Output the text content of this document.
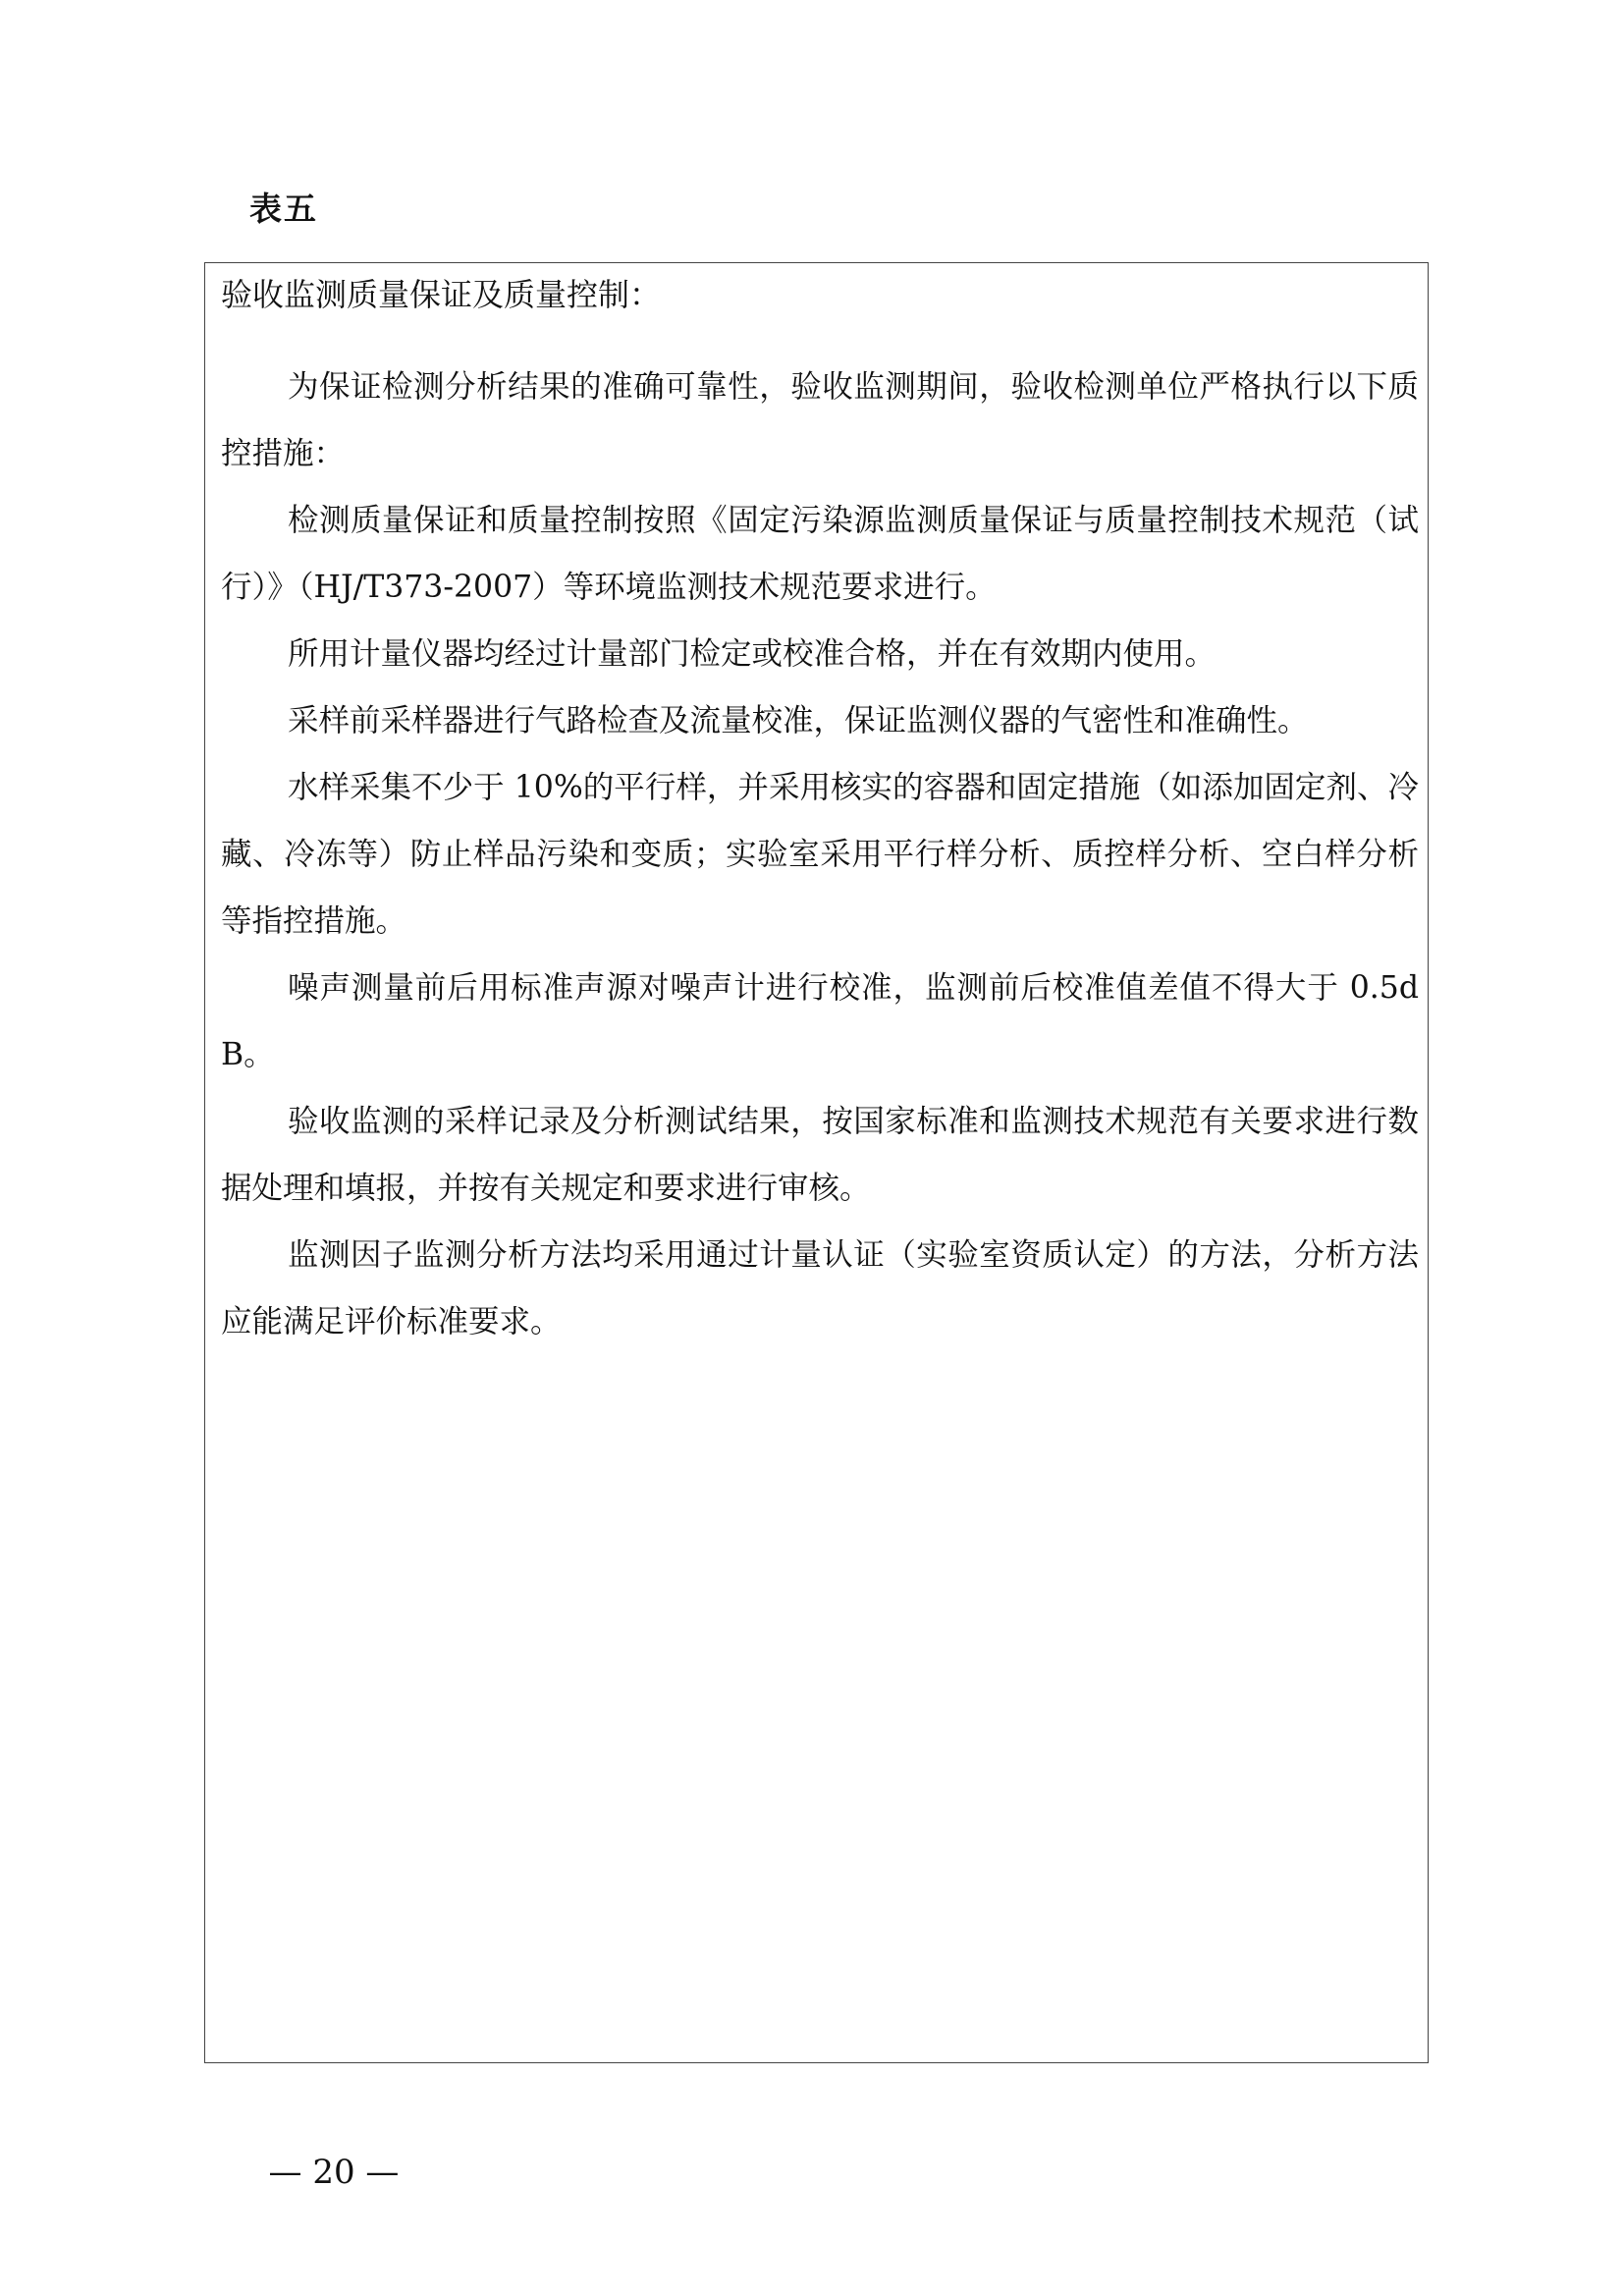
表五
验收监测质量保证及质量控制：

为保证检测分析结果的准确可靠性，验收监测期间，验收检测单位严格执行以下质控措施：

检测质量保证和质量控制按照《固定污染源监测质量保证与质量控制技术规范（试行）》（HJ/T373-2007）等环境监测技术规范要求进行。

所用计量仪器均经过计量部门检定或校准合格，并在有效期内使用。

采样前采样器进行气路检查及流量校准，保证监测仪器的气密性和准确性。

水样采集不少于 10%的平行样，并采用核实的容器和固定措施（如添加固定剂、冷藏、冷冻等）防止样品污染和变质；实验室采用平行样分析、质控样分析、空白样分析等指控措施。

噪声测量前后用标准声源对噪声计进行校准，监测前后校准值差值不得大于 0.5dB。

验收监测的采样记录及分析测试结果，按国家标准和监测技术规范有关要求进行数据处理和填报，并按有关规定和要求进行审核。

监测因子监测分析方法均采用通过计量认证（实验室资质认定）的方法，分析方法应能满足评价标准要求。

— 20 —
